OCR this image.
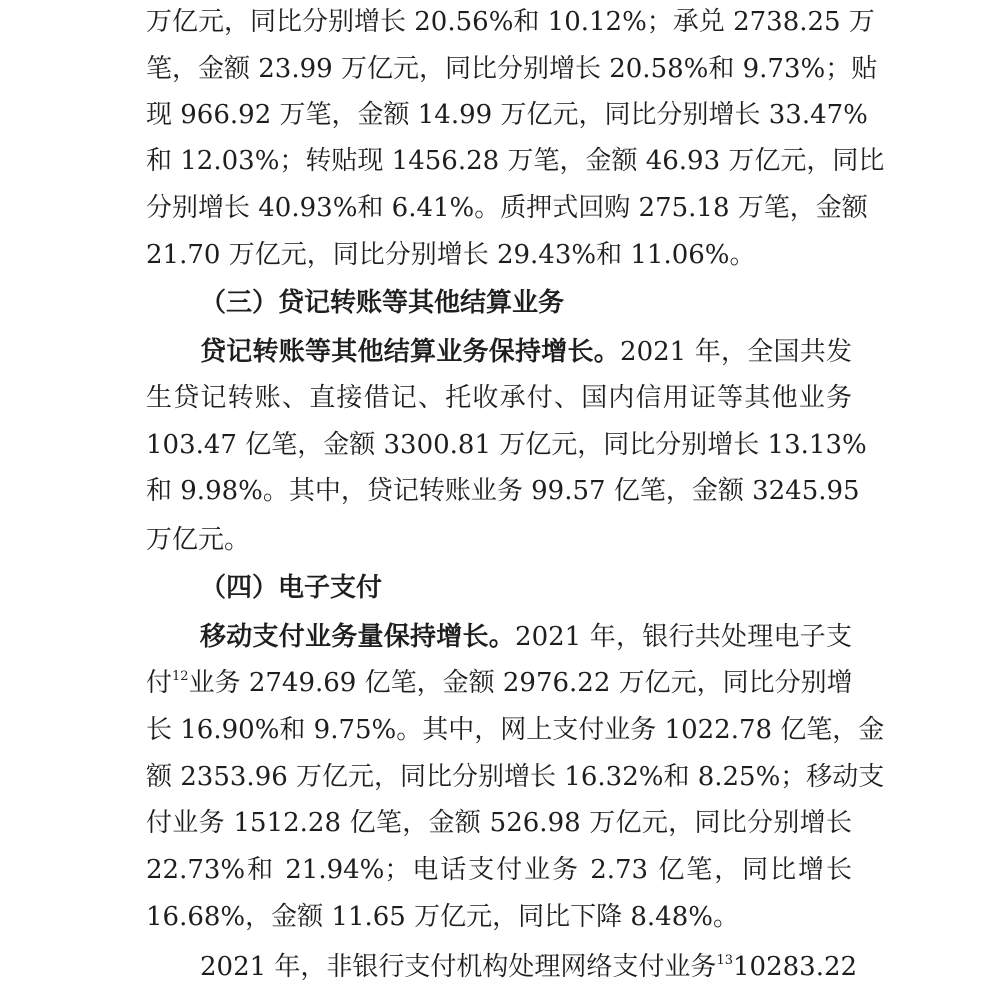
万亿元，同比分别增长 20.56%和 10.12%；承兑 2738.25 万
笔，金额 23.99 万亿元，同比分别增长 20.58%和 9.73%；贴
现 966.92 万笔，金额 14.99 万亿元，同比分别增长 33.47%
和 12.03%；转贴现 1456.28 万笔，金额 46.93 万亿元，同比
分别增长 40.93%和 6.41%。质押式回购 275.18 万笔，金额
21.70 万亿元，同比分别增长 29.43%和 11.06%。
（三）贷记转账等其他结算业务
贷记转账等其他结算业务保持增长。2021 年，全国共发
生贷记转账、直接借记、托收承付、国内信用证等其他业务
103.47 亿笔，金额 3300.81 万亿元，同比分别增长 13.13%
和 9.98%。其中，贷记转账业务 99.57 亿笔，金额 3245.95
万亿元。
（四）电子支付
移动支付业务量保持增长。2021 年，银行共处理电子支
付$^{12}$业务 2749.69 亿笔，金额 2976.22 万亿元，同比分别增
长 16.90%和 9.75%。其中，网上支付业务 1022.78 亿笔，金
额 2353.96 万亿元，同比分别增长 16.32%和 8.25%；移动支
付业务 1512.28 亿笔，金额 526.98 万亿元，同比分别增长
22.73%和 21.94%；电话支付业务 2.73 亿笔，同比增长
16.68%，金额 11.65 万亿元，同比下降 8.48%。
2021 年，非银行支付机构处理网络支付业务$^{13}$10283.22
